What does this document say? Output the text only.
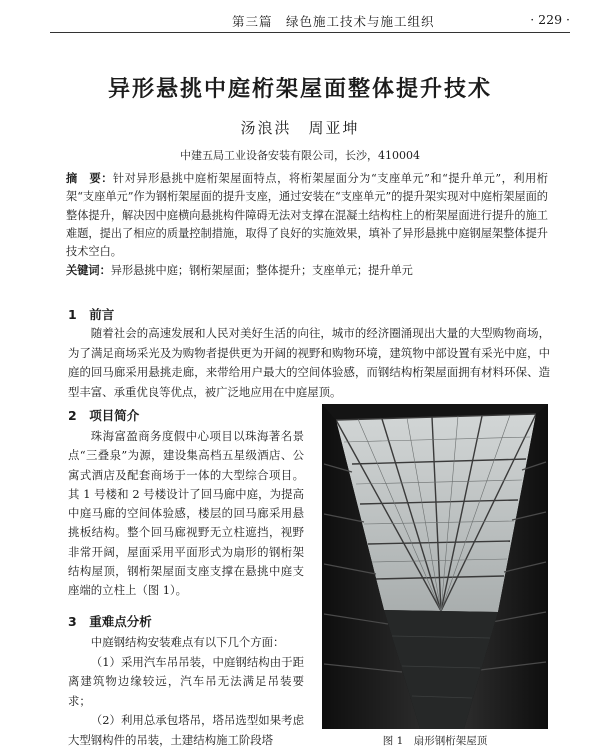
第三篇　绿色施工技术与施工组织	· 229 ·
异形悬挑中庭桁架屋面整体提升技术
汤浪洪　周亚坤
中建五局工业设备安装有限公司，长沙，410004
摘　要：针对异形悬挑中庭桁架屋面特点，将桁架屋面分为“支座单元”和“提升单元”，利用桁架“支座单元”作为钢桁架屋面的提升支座，通过安装在“支座单元”的提升架实现对中庭桁架屋面的整体提升，解决因中庭横向悬挑构件障碍无法对支撑在混凝土结构柱上的桁架屋面进行提升的施工难题，提出了相应的质量控制措施，取得了良好的实施效果，填补了异形悬挑中庭钢屋架整体提升技术空白。
关键词：异形悬挑中庭；钢桁架屋面；整体提升；支座单元；提升单元
1　前言
随着社会的高速发展和人民对美好生活的向往，城市的经济圈涌现出大量的大型购物商场，为了满足商场采光及为购物者提供更为开阔的视野和购物环境，建筑物中部设置有采光中庭，中庭的回马廊采用悬挑走廊，来带给用户最大的空间体验感，而钢结构桁架屋面拥有材料环保、造型丰富、承重优良等优点，被广泛地应用在中庭屋顶。
2　项目简介
珠海富盈商务度假中心项目以珠海著名景点“三叠泉”为源，建设集高档五星级酒店、公寓式酒店及配套商场于一体的大型综合项目。其 1 号楼和 2 号楼设计了回马廊中庭，为提高中庭马廊的空间体验感，楼层的回马廊采用悬挑板结构。整个回马廊视野无立柱遮挡，视野非常开阔，屋面采用平面形式为扇形的钢桁架结构屋顶，钢桁架屋面支座支撑在悬挑中庭支座端的立柱上（图 1）。
3　重难点分析

中庭钢结构安装难点有以下几个方面：

（1）采用汽车吊吊装，中庭钢结构由于距离建筑物边缘较远，汽车吊无法满足吊装要求；

（2）利用总承包塔吊，塔吊选型如果考虑大型钢构件的吊装，土建结构施工阶段塔	图 1　扇形钢桁架屋顶
